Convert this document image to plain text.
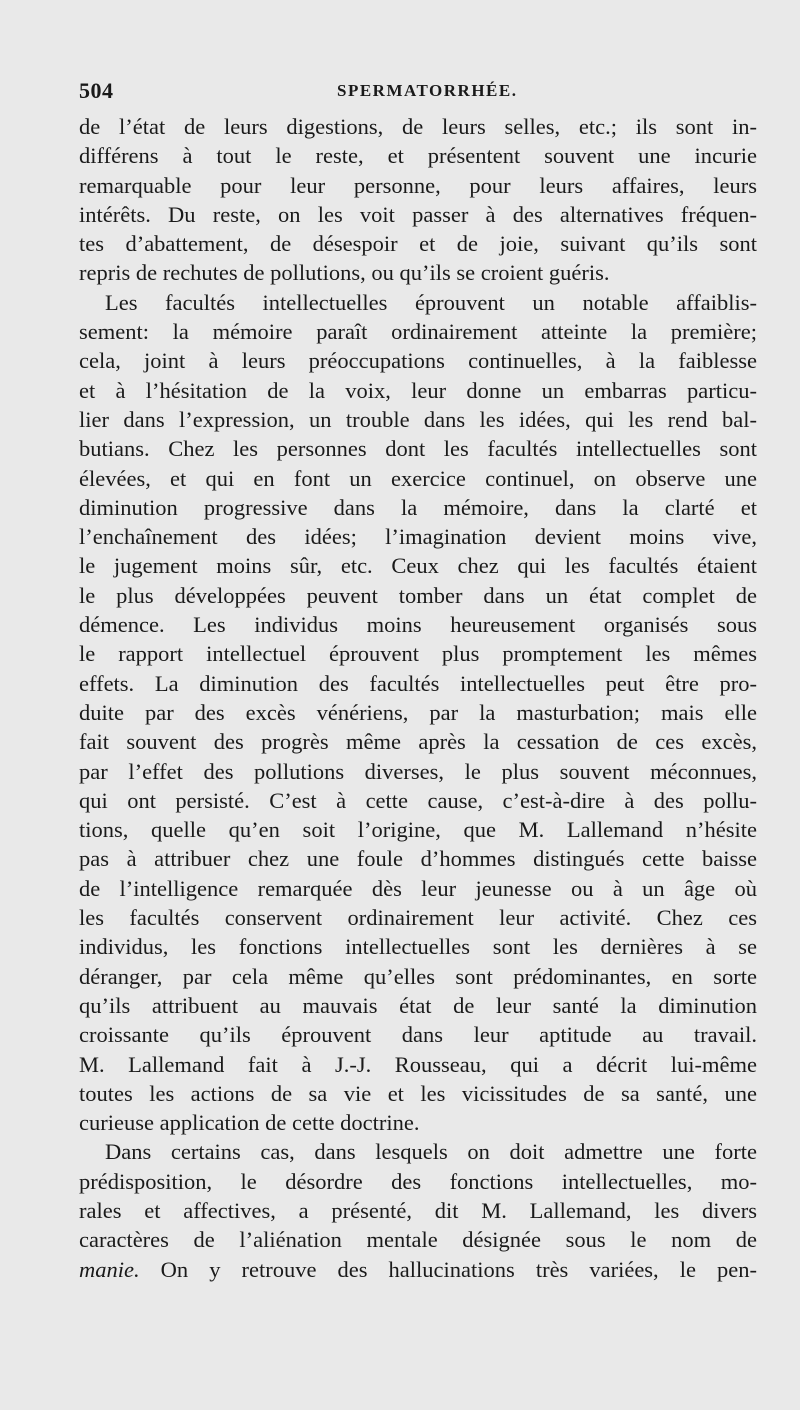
504	SPERMATORRHÉE.
de l’état de leurs digestions, de leurs selles, etc.; ils sont in-
différens à tout le reste, et présentent souvent une incurie
remarquable pour leur personne, pour leurs affaires, leurs
intérêts. Du reste, on les voit passer à des alternatives fréquen-
tes d’abattement, de désespoir et de joie, suivant qu’ils sont
repris de rechutes de pollutions, ou qu’ils se croient guéris.
Les facultés intellectuelles éprouvent un notable affaiblis-
sement: la mémoire paraît ordinairement atteinte la première;
cela, joint à leurs préoccupations continuelles, à la faiblesse
et à l’hésitation de la voix, leur donne un embarras particu-
lier dans l’expression, un trouble dans les idées, qui les rend bal-
butians. Chez les personnes dont les facultés intellectuelles sont
élevées, et qui en font un exercice continuel, on observe une
diminution progressive dans la mémoire, dans la clarté et
l’enchaînement des idées; l’imagination devient moins vive,
le jugement moins sûr, etc. Ceux chez qui les facultés étaient
le plus développées peuvent tomber dans un état complet de
démence. Les individus moins heureusement organisés sous
le rapport intellectuel éprouvent plus promptement les mêmes
effets. La diminution des facultés intellectuelles peut être pro-
duite par des excès vénériens, par la masturbation; mais elle
fait souvent des progrès même après la cessation de ces excès,
par l’effet des pollutions diverses, le plus souvent méconnues,
qui ont persisté. C’est à cette cause, c’est-à-dire à des pollu-
tions, quelle qu’en soit l’origine, que M. Lallemand n’hésite
pas à attribuer chez une foule d’hommes distingués cette baisse
de l’intelligence remarquée dès leur jeunesse ou à un âge où
les facultés conservent ordinairement leur activité. Chez ces
individus, les fonctions intellectuelles sont les dernières à se
déranger, par cela même qu’elles sont prédominantes, en sorte
qu’ils attribuent au mauvais état de leur santé la diminution
croissante qu’ils éprouvent dans leur aptitude au travail.
M. Lallemand fait à J.-J. Rousseau, qui a décrit lui-même
toutes les actions de sa vie et les vicissitudes de sa santé, une
curieuse application de cette doctrine.
Dans certains cas, dans lesquels on doit admettre une forte
prédisposition, le désordre des fonctions intellectuelles, mo-
rales et affectives, a présenté, dit M. Lallemand, les divers
caractères de l’aliénation mentale désignée sous le nom de
manie. On y retrouve des hallucinations très variées, le pen-
